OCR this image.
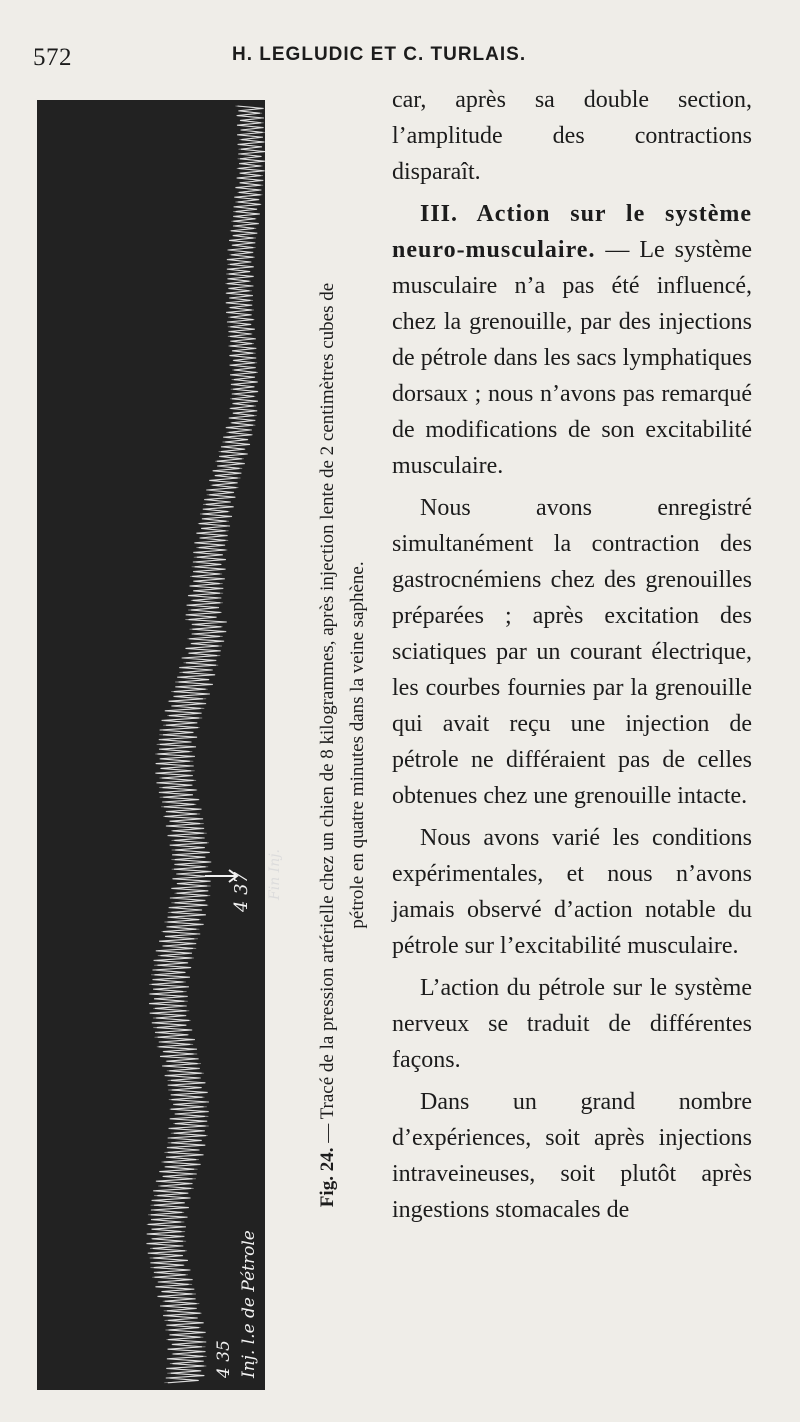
572	H. LEGLUDIC ET C. TURLAIS.
4 37 Fin Inj.
4 35 Inj. l.e de Pétrole
Fig. 24. — Tracé de la pression artérielle chez un chien de 8 kilogrammes, après injection lente de 2 centimètres cubes de pétrole en quatre minutes dans la veine saphène.

car, après sa double section, l’amplitude des contractions disparaît.

III. Action sur le système neuro-musculaire. — Le système musculaire n’a pas été influencé, chez la grenouille, par des injections de pétrole dans les sacs lymphatiques dorsaux ; nous n’avons pas remarqué de modifications de son excitabilité musculaire.

Nous avons enregistré simultanément la contraction des gastrocnémiens chez des grenouilles préparées ; après excitation des sciatiques par un courant électrique, les courbes fournies par la grenouille qui avait reçu une injection de pétrole ne différaient pas de celles obtenues chez une grenouille intacte.

Nous avons varié les conditions expérimentales, et nous n’avons jamais observé d’action notable du pétrole sur l’excitabilité musculaire.

L’action du pétrole sur le système nerveux se traduit de différentes façons.

Dans un grand nombre d’expériences, soit après injections intraveineuses, soit plutôt après ingestions stomacales de
